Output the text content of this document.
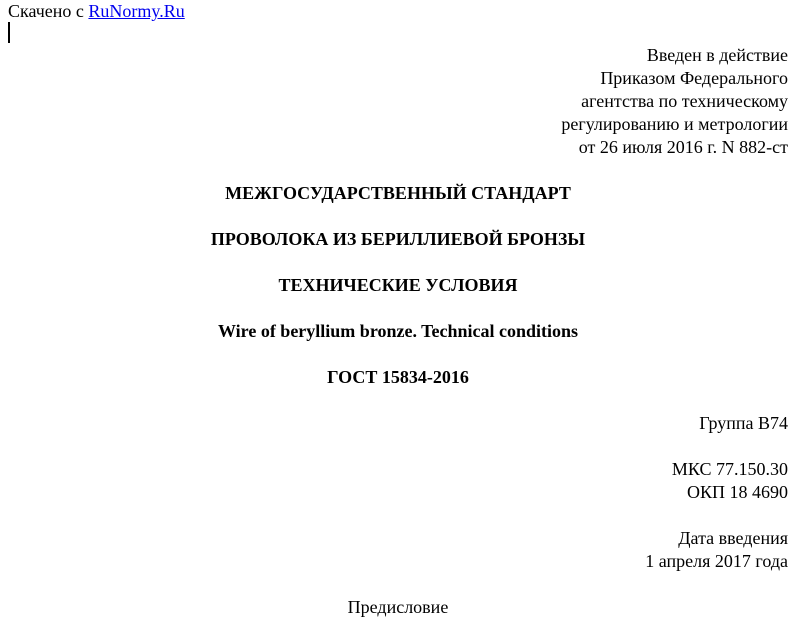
Скачено с RuNormy.Ru
Введен в действие
Приказом Федерального
агентства по техническому
регулированию и метрологии
от 26 июля 2016 г. N 882-ст
МЕЖГОСУДАРСТВЕННЫЙ СТАНДАРТ
ПРОВОЛОКА ИЗ БЕРИЛЛИЕВОЙ БРОНЗЫ
ТЕХНИЧЕСКИЕ УСЛОВИЯ
Wire of beryllium bronze. Technical conditions
ГОСТ 15834-2016
Группа В74
МКС 77.150.30
ОКП 18 4690
Дата введения
1 апреля 2017 года
Предисловие
